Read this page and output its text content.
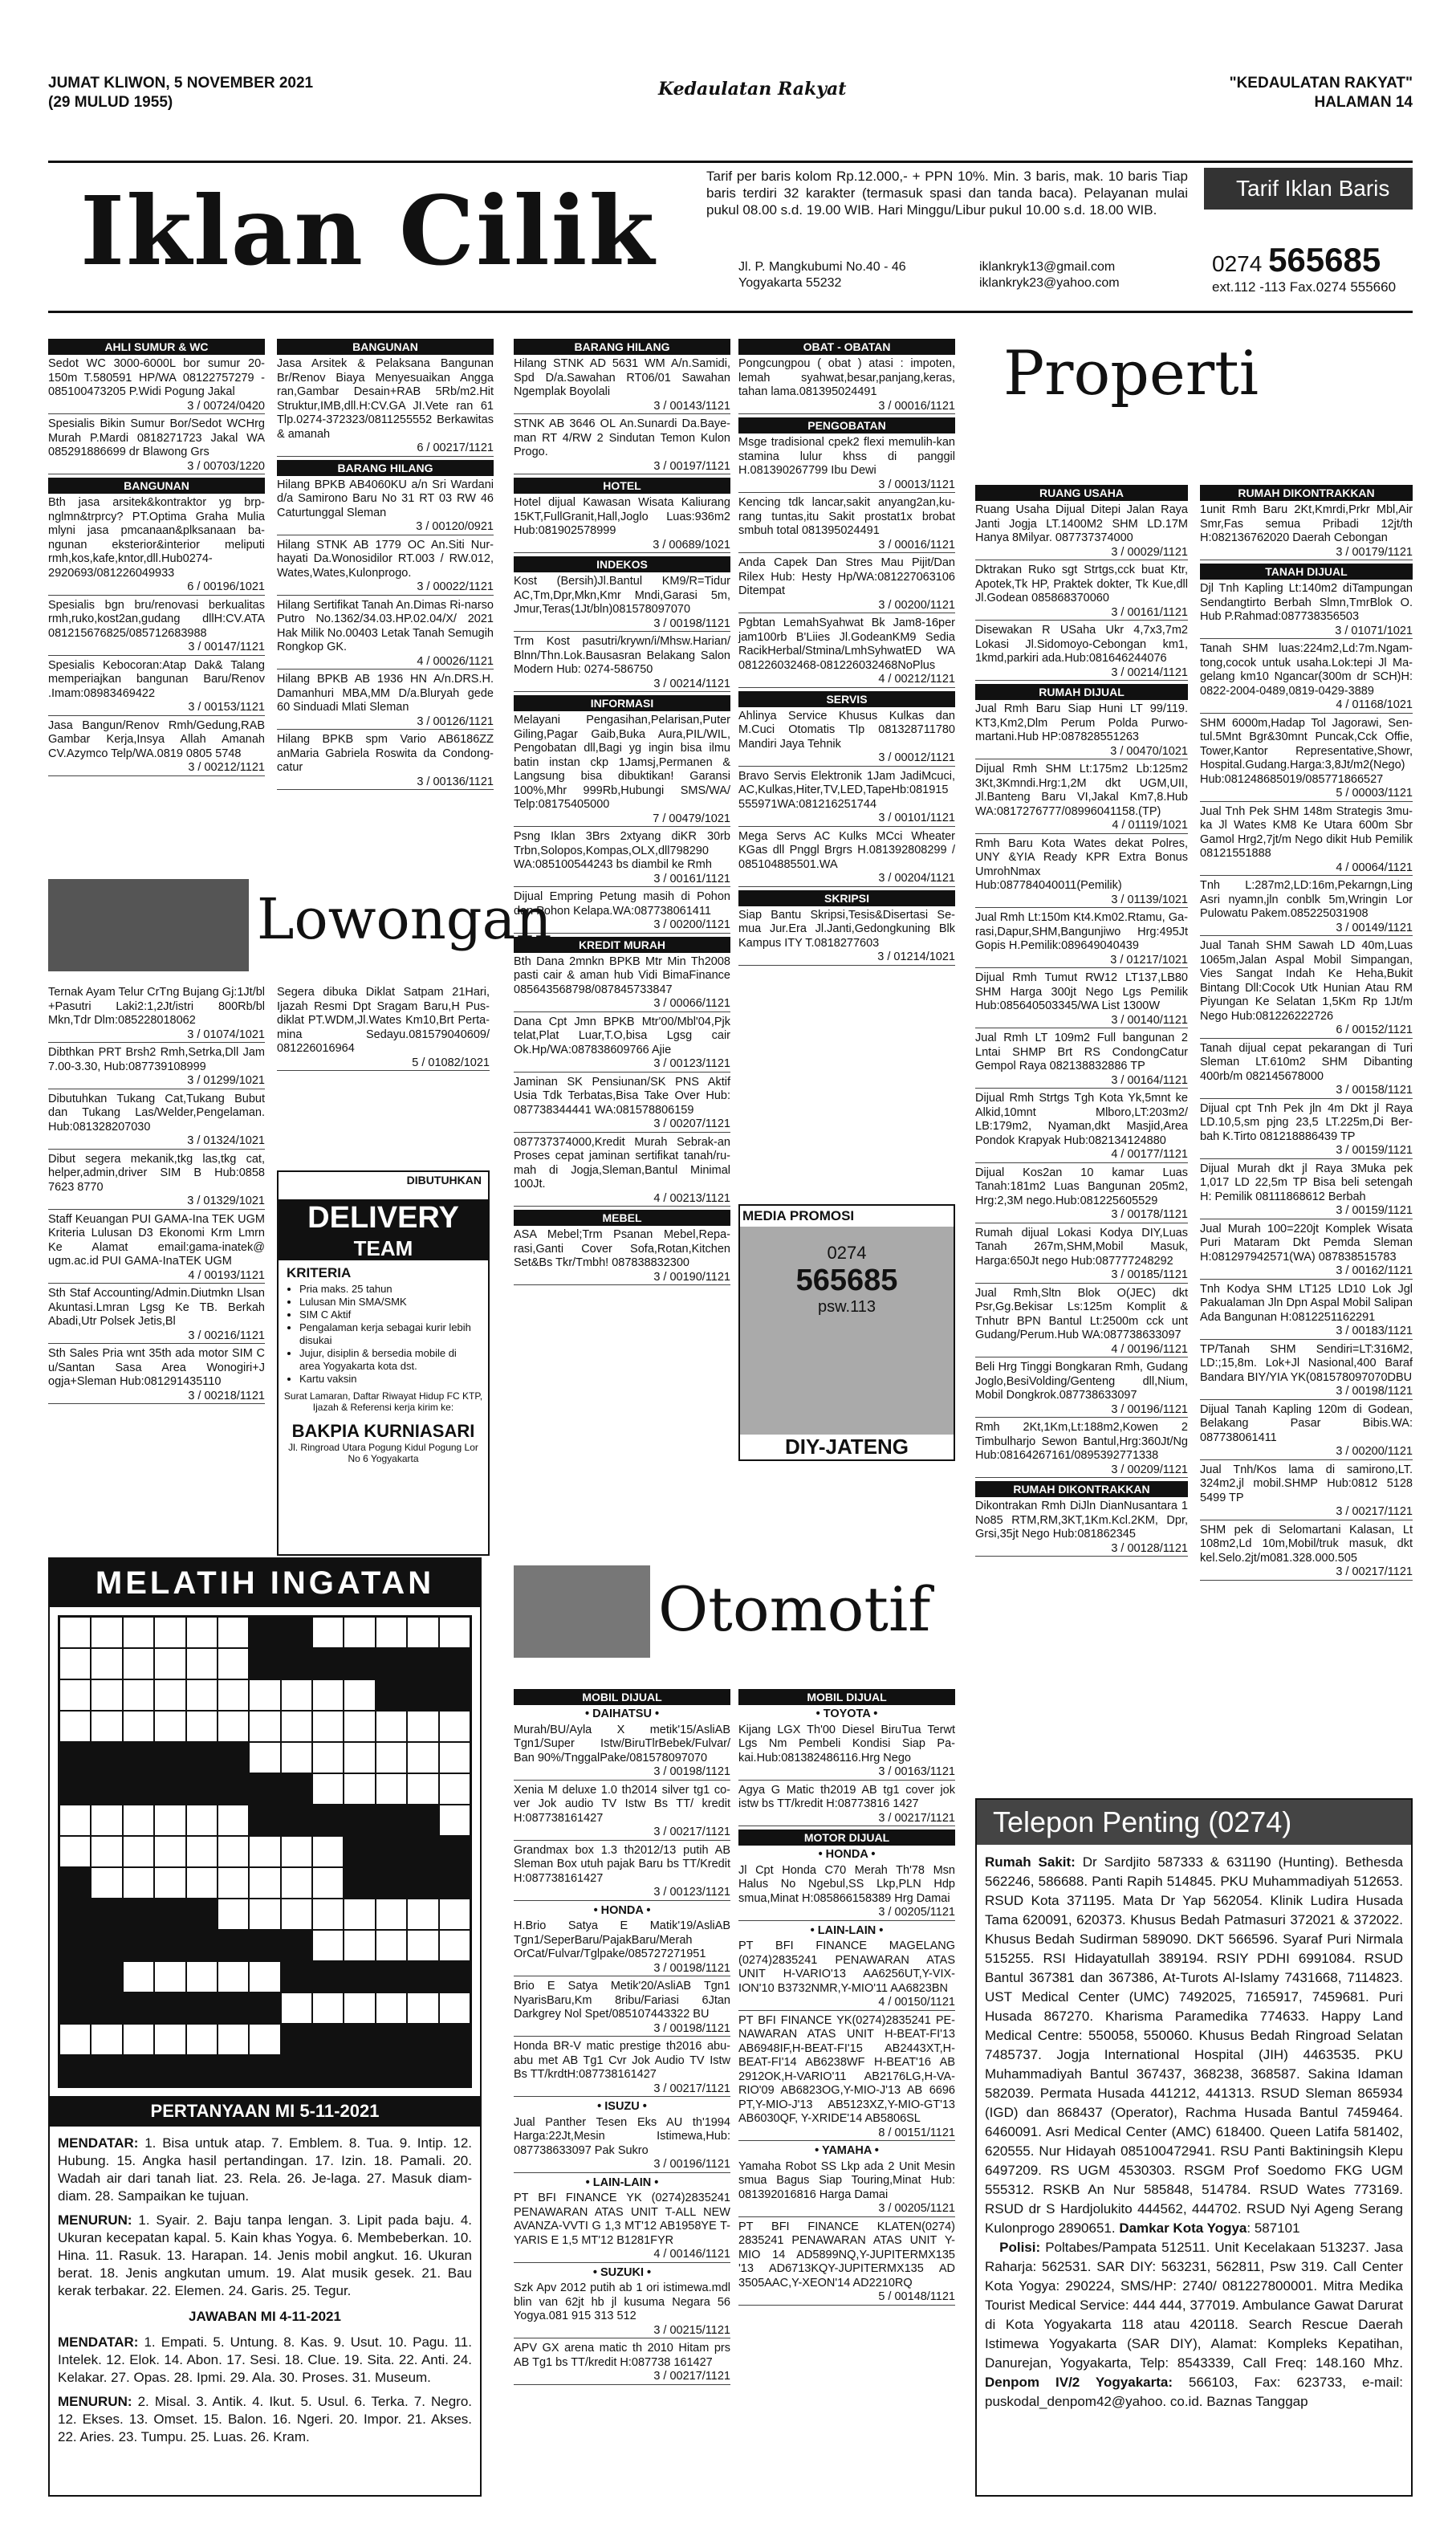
JUMAT KLIWON, 5 NOVEMBER 2021
(29 MULUD 1955)
Kedaulatan Rakyat	"KEDAULATAN RAKYAT"
HALAMAN 14
Iklan Cilik	Tarif per baris kolom Rp.12.000,- + PPN 10%. Min. 3 baris, mak. 10 baris Tiap baris terdiri 32 karakter (termasuk spasi dan tanda baca). Pelayanan mulai pukul 08.00 s.d. 19.00 WIB. Hari Minggu/Libur pukul 10.00 s.d. 18.00 WIB.
Tarif Iklan Baris
Jl. P. Mangkubumi No.40 - 46 Yogyakarta 55232
iklankryk13@gmail.com
iklankryk23@yahoo.com
0274 565685
ext.112 -113 Fax.0274 555660
AHLI SUMUR & WC

Sedot WC 3000-6000L bor sumur 20-150m T.580591 HP/WA 08122757279 - 085100473205 P.Widi Pogung Jakal

3 / 00724/0420

Spesialis Bikin Sumur Bor/Sedot WCHrg Murah P.Mardi 0818271723 Jakal WA 085291886699 dr Blawong Grs

3 / 00703/1220
BANGUNAN

Bth jasa arsitek&kontraktor yg brp-nglmn&trprcy? PT.Optima Graha Mulia mlyni jasa pmcanaan&plksanaan ba-ngunan eksterior&interior meliputi rmh,kos,kafe,kntor,dll.Hub0274-2920693/081226049933

6 / 00196/1021

Spesialis bgn bru/renovasi berkualitas rmh,ruko,kost2an,gudang dllH:CV.ATA 081215676825/085712683988

3 / 00147/1121

Spesialis Kebocoran:Atap Dak& Talang memperiajkan bangunan Baru/Renov .Imam:08983469422

3 / 00153/1121

Jasa Bangun/Renov Rmh/Gedung,RAB Gambar Kerja,Insya Allah Amanah CV.Azymco Telp/WA.0819 0805 5748

3 / 00212/1121
BANGUNAN

Jasa Arsitek & Pelaksana Bangunan Br/Renov Biaya Menyesuaikan Angga ran,Gambar Desain+RAB 5Rb/m2.Hit Struktur,IMB,dll.H:CV.GA JI.Vete ran 61 Tlp.0274-372323/0811255552 Berkawitas & amanah

6 / 00217/1121
BARANG HILANG

Hilang BPKB AB4060KU a/n Sri Wardani d/a Samirono Baru No 31 RT 03 RW 46 Caturtunggal Sleman

3 / 00120/0921

Hilang STNK AB 1779 OC An.Siti Nur-hayati Da.Wonosidilor RT.003 / RW.012, Wates,Wates,Kulonprogo.

3 / 00022/1121

Hilang Sertifikat Tanah An.Dimas Ri-narso Putro No.1362/34.03.HP.02.04/X/ 2021 Hak Milik No.00403 Letak Tanah Semugih Rongkop GK.

4 / 00026/1121

Hilang BPKB AB 1936 HN A/n.DRS.H. Damanhuri MBA,MM D/a.Bluryah gede 60 Sinduadi Mlati Sleman

3 / 00126/1121

Hilang BPKB spm Vario AB6186ZZ anMaria Gabriela Roswita da Condong-catur

3 / 00136/1121
BARANG HILANG

Hilang STNK AD 5631 WM A/n.Samidi, Spd D/a.Sawahan RT06/01 Sawahan Ngemplak Boyolali

3 / 00143/1121

STNK AB 3646 OL An.Sunardi Da.Baye-man RT 4/RW 2 Sindutan Temon Kulon Progo.

3 / 00197/1121
HOTEL

Hotel dijual Kawasan Wisata Kaliurang 15KT,FullGranit,Hall,Joglo Luas:936m2 Hub:081902578999

3 / 00689/1021
INDEKOS

Kost (Bersih)Jl.Bantul KM9/R=Tidur AC,Tm,Dpr,Mkn,Kmr Mndi,Garasi 5m, Jmur,Teras(1Jt/bln)081578097070

3 / 00198/1121

Trm Kost pasutri/krywn/i/Mhsw.Harian/ Blnn/Thn.Lok.Bausasran Belakang Salon Modern Hub: 0274-586750

3 / 00214/1121
INFORMASI

Melayani Pengasihan,Pelarisan,Puter Giling,Pagar Gaib,Buka Aura,PIL/WIL, Pengobatan dll,Bagi yg ingin bisa ilmu batin instan ckp 1Jamsj,Permanen & Langsung bisa dibuktikan! Garansi 100%,Mhr 999Rb,Hubungi SMS/WA/ Telp:08175405000

7 / 00479/1021

Psng Iklan 3Brs 2xtyang diKR 30rb Trbn,Solopos,Kompas,OLX,dll798290 WA:085100544243 bs diambil ke Rmh

3 / 00161/1121

Dijual Empring Petung masih di Pohon dan Pohon Kelapa.WA:087738061411

3 / 00200/1121
KREDIT MURAH

Bth Dana 2mnkn BPKB Mtr Min Th2008 pasti cair & aman hub Vidi BimaFinance 085643568798/087845733847

3 / 00066/1121

Dana Cpt Jmn BPKB Mtr'00/Mbl'04,Pjk telat,Plat Luar,T.O,bisa Lgsg cair Ok.Hp/WA:087838609766 Ajie

3 / 00123/1121

Jaminan SK Pensiunan/SK PNS Aktif Usia Tdk Terbatas,Bisa Take Over Hub: 087738344441 WA:081578806159

3 / 00207/1121

087737374000,Kredit Murah Sebrak-an Proses cepat jaminan sertifikat tanah/ru-mah di Jogja,Sleman,Bantul Minimal 100Jt.

4 / 00213/1121
MEBEL

ASA Mebel;Trm Psanan Mebel,Repa-rasi,Ganti Cover Sofa,Rotan,Kitchen Set&Bs Tkr/Tmbh! 087838832300

3 / 00190/1121
OBAT - OBATAN

Pongcungpou ( obat ) atasi : impoten, lemah syahwat,besar,panjang,keras, tahan lama.081395024491

3 / 00016/1121
PENGOBATAN

Msge tradisional cpek2 flexi memulih-kan stamina lulur khss di panggil H.081390267799 Ibu Dewi

3 / 00013/1121

Kencing tdk lancar,sakit anyang2an,ku-rang tuntas,itu Sakit prostat1x brobat smbuh total 081395024491

3 / 00016/1121

Anda Capek Dan Stres Mau Pijit/Dan Rilex Hub: Hesty Hp/WA:081227063106 Ditempat

3 / 00200/1121

Pgbtan LemahSyahwat Bk Jam8-16per jam100rb B'Liies Jl.GodeanKM9 Sedia RacikHerbal/Stmina/LmhSyhwatED WA 081226032468-081226032468NoPlus

4 / 00212/1121
SERVIS

Ahlinya Service Khusus Kulkas dan M.Cuci Otomatis Tlp 081328711780 Mandiri Jaya Tehnik

3 / 00012/1121

Bravo Servis Elektronik 1Jam JadiMcuci, AC,Kulkas,Hiter,TV,LED,TapeHb:081915 555971WA:081216251744

3 / 00101/1121

Mega Servs AC Kulks MCci Wheater KGas dll Pnggl Brgrs H.081392808299 / 085104885501.WA

3 / 00204/1121
SKRIPSI

Siap Bantu Skripsi,Tesis&Disertasi Se-mua Jur.Era Jl.Janti,Gedongkuning Blk Kampus ITY T.0818277603

3 / 01214/1021
Properti
RUANG USAHA

Ruang Usaha Dijual Ditepi Jalan Raya Janti Jogja LT.1400M2 SHM LD.17M Hanya 8Milyar. 087737374000

3 / 00029/1121

Dktrakan Ruko sgt Strtgs,cck buat Ktr, Apotek,Tk HP, Praktek dokter, Tk Kue,dll Jl.Godean 085868370060

3 / 00161/1121

Disewakan R USaha Ukr 4,7x3,7m2 Lokasi Jl.Sidomoyo-Cebongan km1, 1kmd,parkiri ada.Hub:081646244076

3 / 00214/1121
RUMAH DIJUAL

Jual Rmh Baru Siap Huni LT 99/119. KT3,Km2,Dlm Perum Polda Purwo-martani.Hub HP:087828551263

3 / 00470/1021

Dijual Rmh SHM Lt:175m2 Lb:125m2 3Kt,3Kmndi.Hrg:1,2M dkt UGM,UII, Jl.Banteng Baru VI,Jakal Km7,8.Hub WA:0817276777/08996041158.(TP)

4 / 01119/1021

Rmh Baru Kota Wates dekat Polres, UNY &YIA Ready KPR Extra Bonus UmrohNmax Hub:087784040011(Pemilik)

3 / 01139/1021

Jual Rmh Lt:150m Kt4.Km02.Rtamu, Ga-rasi,Dapur,SHM,Bangunjiwo Hrg:495Jt Gopis H.Pemilik:089649040439

3 / 01217/1021

Dijual Rmh Tumut RW12 LT137,LB80 SHM Harga 300jt Nego Lgs Pemilik Hub:085640503345/WA List 1300W

3 / 00140/1121

Jual Rmh LT 109m2 Full bangunan 2 Lntai SHMP Brt RS CondongCatur Gempol Raya 082138832886 TP

3 / 00164/1121

Dijual Rmh Strtgs Tgh Kota Yk,5mnt ke Alkid,10mnt Mlboro,LT:203m2/ LB:179m2, Nyaman,dkt Masjid,Area Pondok Krapyak Hub:082134124880

4 / 00177/1121

Dijual Kos2an 10 kamar Luas Tanah:181m2 Luas Bangunan 205m2, Hrg:2,3M nego.Hub:081225605529

3 / 00178/1121

Rumah dijual Lokasi Kodya DIY,Luas Tanah 267m,SHM,Mobil Masuk, Harga:650Jt nego Hub:087777248292

3 / 00185/1121

Jual Rmh,Sltn Blok O(JEC) dkt Psr,Gg.Bekisar Ls:125m Komplit & Tnhutr BPN Bantul Lt:2500m cck unt Gudang/Perum.Hub WA:087738633097

4 / 00196/1121

Beli Hrg Tinggi Bongkaran Rmh, Gudang Joglo,BesiVolding/Genteng dll,Nium, Mobil Dongkrok.087738633097

3 / 00196/1121

Rmh 2Kt,1Km,Lt:188m2,Kowen 2 Timbulharjo Sewon Bantul,Hrg:360Jt/Ng Hub:08164267161/0895392771338

3 / 00209/1121
RUMAH DIKONTRAKKAN

Dikontrakan Rmh DiJln DianNusantara 1 No85 RTM,RM,3KT,1Km.Kcl.2KM, Dpr, Grsi,35jt Nego Hub:081862345

3 / 00128/1121
RUMAH DIKONTRAKKAN

1unit Rmh Baru 2Kt,Kmrdi,Prkr Mbl,Air Smr,Fas semua Pribadi 12jt/th H:082136762020 Daerah Cebongan

3 / 00179/1121
TANAH DIJUAL

Djl Tnh Kapling Lt:140m2 diTampungan Sendangtirto Berbah Slmn,TmrBlok O. Hub P.Rahmad:087738356503

3 / 01071/1021

Tanah SHM luas:224m2,Ld:7m.Ngam-tong,cocok untuk usaha.Lok:tepi Jl Ma-gelang km10 Ngancar(300m dr SCH)H: 0822-2004-0489,0819-0429-3889

4 / 01168/1021

SHM 6000m,Hadap Tol Jagorawi, Sen-tul.5Mnt Bgr&30mnt Puncak,Cck Offie, Tower,Kantor Representative,Showr, Hospital.Gudang.Harga:3,8Jt/m2(Nego) Hub:081248685019/085771866527

5 / 00003/1121

Jual Tnh Pek SHM 148m Strategis 3mu-ka Jl Wates KM8 Ke Utara 600m Sbr Gamol Hrg2,7jt/m Nego dikit Hub Pemilik 08121551888

4 / 00064/1121

Tnh L:287m2,LD:16m,Pekarngn,Ling Asri nyamn,jln conblk 5m,Wringin Lor Pulowatu Pakem.085225031908

3 / 00149/1121

Jual Tanah SHM Sawah LD 40m,Luas 1065m,Jalan Aspal Mobil Simpangan, Vies Sangat Indah Ke Heha,Bukit Bintang Dll:Cocok Utk Hunian Atau RM Piyungan Ke Selatan 1,5Km Rp 1Jt/m Nego Hub:081226222726

6 / 00152/1121

Tanah dijual cepat pekarangan di Turi Sleman LT.610m2 SHM Dibanting 400rb/m 082145678000

3 / 00158/1121

Dijual cpt Tnh Pek jln 4m Dkt jl Raya LD.10,5,sm pjng 23,5 LT.225m,Di Ber-bah K.Tirto 081218886439 TP

3 / 00159/1121

Dijual Murah dkt jl Raya 3Muka pek 1,017 LD 22,5m TP Bisa beli setengah H: Pemilik 08111868612 Berbah

3 / 00159/1121

Jual Murah 100=220jt Komplek Wisata Puri Mataram Dkt Pemda Sleman H:081297942571(WA) 087838515783

3 / 00162/1121

Tnh Kodya SHM LT125 LD10 Lok Jgl Pakualaman Jln Dpn Aspal Mobil Salipan Ada Bangunan H:0812251162291

3 / 00183/1121

TP/Tanah SHM Sendiri=LT:316M2, LD:;15,8m. Lok+Jl Nasional,400 Baraf Bandara BIY/YIA YK(081578097070DBU

3 / 00198/1121

Dijual Tanah Kapling 120m di Godean, Belakang Pasar Bibis.WA: 087738061411

3 / 00200/1121

Jual Tnh/Kos lama di samirono,LT. 324m2,jl mobil.SHMP Hub:0812 5128 5499 TP

3 / 00217/1121

SHM pek di Selomartani Kalasan, Lt 108m2,Ld 10m,Mobil/truk masuk, dkt kel.Selo.2jt/m081.328.000.505

3 / 00217/1121
Lowongan

Ternak Ayam Telur CrTng Bujang Gj:1Jt/bl +Pasutri Laki2:1,2Jt/istri 800Rb/bl Mkn,Tdr Dlm:085228018062

3 / 01074/1021

Dibthkan PRT Brsh2 Rmh,Setrka,Dll Jam 7.00-3.30, Hub:087739108999

3 / 01299/1021

Dibutuhkan Tukang Cat,Tukang Bubut dan Tukang Las/Welder,Pengelaman. Hub:081328207030

3 / 01324/1021

Dibut segera mekanik,tkg las,tkg cat, helper,admin,driver SIM B Hub:0858 7623 8770

3 / 01329/1021

Staff Keuangan PUI GAMA-Ina TEK UGM Kriteria Lulusan D3 Ekonomi Krm Lmrn Ke Alamat email:gama-inatek@ ugm.ac.id PUI GAMA-InaTEK UGM

4 / 00193/1121

Sth Staf Accounting/Admin.Diutmkn Llsan Akuntasi.Lmran Lgsg Ke TB. Berkah Abadi,Utr Polsek Jetis,Bl

3 / 00216/1121

Sth Sales Pria wnt 35th ada motor SIM C u/Santan Sasa Area Wonogiri+J ogja+Sleman Hub:081291435110

3 / 00218/1121

Segera dibuka Diklat Satpam 21Hari, Ijazah Resmi Dpt Sragam Baru,H Pus-diklat PT.WDM,Jl.Wates Km10,Brt Perta-mina Sedayu.081579040609/ 081226016964

5 / 01082/1021
DIBUTUHKAN
DELIVERY
TEAM
KRITERIA
• Pria maks. 25 tahun
• Lulusan Min SMA/SMK
• SIM C Aktif
• Pengalaman kerja sebagai kurir lebih disukai
• Jujur, disiplin & bersedia mobile di area Yogyakarta kota dst.
• Kartu vaksin
Surat Lamaran, Daftar Riwayat Hidup FC KTP, Ijazah & Referensi kerja kirim ke:
BAKPIA KURNIASARI
Jl. Ringroad Utara Pogung Kidul Pogung Lor No 6 Yogyakarta
MEDIA PROMOSI
0274
565685
psw.113
DIY-JATENG
MELATIH INGATAN
PERTANYAAN MI 5-11-2021
MENDATAR: 1. Bisa untuk atap. 7. Emblem. 8. Tua. 9. Intip. 12. Hubung. 15. Angka hasil pertandingan. 17. Izin. 18. Pamali. 20. Wadah air dari tanah liat. 23. Rela. 26. Je-laga. 27. Masuk diam-diam. 28. Sampaikan ke tujuan.
MENURUN: 1. Syair. 2. Baju tanpa lengan. 3. Lipit pada baju. 4. Ukuran kecepatan kapal. 5. Kain khas Yogya. 6. Membeberkan. 10. Hina. 11. Rasuk. 13. Harapan. 14. Jenis mobil angkut. 16. Ukuran berat. 18. Jenis angkutan umum. 19. Alat musik gesek. 21. Bau kerak terbakar. 22. Elemen. 24. Garis. 25. Tegur.
JAWABAN MI 4-11-2021
MENDATAR: 1. Empati. 5. Untung. 8. Kas. 9. Usut. 10. Pagu. 11. Intelek. 12. Elok. 14. Abon. 17. Sesi. 18. Clue. 19. Sita. 22. Anti. 24. Kelakar. 27. Opas. 28. Ipmi. 29. Ala. 30. Proses. 31. Museum.
MENURUN: 2. Misal. 3. Antik. 4. Ikut. 5. Usul. 6. Terka. 7. Negro. 12. Ekses. 13. Omset. 15. Balon. 16. Ngeri. 20. Impor. 21. Akses. 22. Aries. 23. Tumpu. 25. Luas. 26. Kram.
Otomotif
MOBIL DIJUAL
• DAIHATSU •

Murah/BU/Ayla X metik'15/AsliAB Tgn1/Super Istw/BiruTlrBebek/Fulvar/ Ban 90%/TnggalPake/081578097070

3 / 00198/1121

Xenia M deluxe 1.0 th2014 silver tg1 co-ver Jok audio TV Istw Bs TT/ kredit H:087738161427

3 / 00217/1121

Grandmax box 1.3 th2012/13 putih AB Sleman Box utuh pajak Baru bs TT/Kredit H:087738161427

3 / 00123/1121
• HONDA •

H.Brio Satya E Matik'19/AsliAB Tgn1/SeperBaru/PajakBaru/Merah OrCat/Fulvar/Tglpake/085727271951

3 / 00198/1121

Brio E Satya Metik'20/AsliAB Tgn1 NyarisBaru,Km 8ribu/Fariasi 6Jtan Darkgrey Nol Spet/085107443322 BU

3 / 00198/1121

Honda BR-V matic prestige th2016 abu-abu met AB Tg1 Cvr Jok Audio TV Istw Bs TT/krdtH:087738161427

3 / 00217/1121
• ISUZU •

Jual Panther Tesen Eks AU th'1994 Harga:22Jt,Mesin Istimewa,Hub: 087738633097 Pak Sukro

3 / 00196/1121
• LAIN-LAIN •

PT BFI FINANCE YK (0274)2835241 PENAWARAN ATAS UNIT T-ALL NEW AVANZA-VVTI G 1,3 MT'12 AB1958YE T-YARIS E 1,5 MT'12 B1281FYR

4 / 00146/1121
• SUZUKI •

Szk Apv 2012 putih ab 1 ori istimewa.mdl blin van 62jt hb jl kusuma Negara 56 Yogya.081 915 313 512

3 / 00215/1121

APV GX arena matic th 2010 Hitam prs AB Tg1 bs TT/kredit H:087738 161427

3 / 00217/1121
MOBIL DIJUAL
• TOYOTA •

Kijang LGX Th'00 Diesel BiruTua Terwt Lgs Nm Pembeli Kondisi Siap Pa-kai.Hub:081382486116.Hrg Nego

3 / 00163/1121

Agya G Matic th2019 AB tg1 cover jok istw bs TT/kredit H:08773816 1427

3 / 00217/1121
MOTOR DIJUAL
• HONDA •

Jl Cpt Honda C70 Merah Th'78 Msn Halus No Ngebul,SS Lkp,PLN Hdp smua,Minat H:085866158389 Hrg Damai

3 / 00205/1121
• LAIN-LAIN •

PT BFI FINANCE MAGELANG (0274)2835241 PENAWARAN ATAS UNIT H-VARIO'13 AA6256UT,Y-VIX-ION'10 B3732NMR,Y-MIO'11 AA6823BN

4 / 00150/1121

PT BFI FINANCE YK(0274)2835241 PE-NAWARAN ATAS UNIT H-BEAT-FI'13 AB6948IF,H-BEAT-FI'15 AB2443XT,H-BEAT-FI'14 AB6238WF H-BEAT'16 AB 2912OK,H-VARIO'11 AB2176LG,H-VA-RIO'09 AB6823OG,Y-MIO-J'13 AB 6696 PT,Y-MIO-J'13 AB5123XZ,Y-MIO-GT'13 AB6030QF, Y-XRIDE'14 AB5806SL

8 / 00151/1121
• YAMAHA •

Yamaha Robot SS Lkp ada 2 Unit Mesin smua Bagus Siap Touring,Minat Hub: 081392016816 Harga Damai

3 / 00205/1121

PT BFI FINANCE KLATEN(0274) 2835241 PENAWARAN ATAS UNIT Y-MIO 14 AD5899NQ,Y-JUPITERMX135 '13 AD6713KQY-JUPITERMX135 AD 3505AAC,Y-XEON'14 AD2210RQ

5 / 00148/1121
Telepon Penting (0274)
Rumah Sakit: Dr Sardjito 587333 & 631190 (Hunting). Bethesda 562246, 586688. Panti Rapih 514845. PKU Muhammadiyah 512653. RSUD Kota 371195. Mata Dr Yap 562054. Klinik Ludira Husada Tama 620091, 620373. Khusus Bedah Patmasuri 372021 & 372022. Khusus Bedah Sudirman 589090. DKT 566596. Syaraf Puri Nirmala 515255. RSI Hidayatullah 389194. RSIY PDHI 6991084. RSUD Bantul 367381 dan 367386, At-Turots Al-Islamy 7431668, 7114823. UST Medical Center (UMC) 7492025, 7165917, 7459681. Puri Husada 867270. Kharisma Paramedika 774633. Happy Land Medical Centre: 550058, 550060. Khusus Bedah Ringroad Selatan 7485737. Jogja International Hospital (JIH) 4463535. PKU Muhammadiyah Bantul 367437, 368238, 368587. Sakina Idaman 582039. Permata Husada 441212, 441313. RSUD Sleman 865934 (IGD) dan 868437 (Operator), Rachma Husada Bantul 7459464. 6460091. Asri Medical Center (AMC) 618400. Queen Latifa 581402, 620555. Nur Hidayah 085100472941. RSU Panti Baktiningsih Klepu 6497209. RS UGM 4530303. RSGM Prof Soedomo FKG UGM 555312. RSKB An Nur 585848, 514784. RSUD Wates 773169. RSUD dr S Hardjolukito 444562, 444702. RSUD Nyi Ageng Serang Kulonprogo 2890651. Damkar Kota Yogya: 587101
Polisi: Poltabes/Pampata 512511. Unit Kecelakaan 513237. Jasa Raharja: 562531. SAR DIY: 563231, 562811, Psw 319. Call Center Kota Yogya: 290224, SMS/HP: 2740/ 081227800001. Mitra Medika Tourist Medical Service: 444 444, 377019. Ambulance Gawat Darurat di Kota Yogyakarta 118 atau 420118. Search Rescue Daerah Istimewa Yogyakarta (SAR DIY), Alamat: Kompleks Kepatihan, Danurejan, Yogyakarta, Telp: 8543339, Call Freq: 148.160 Mhz. Denpom IV/2 Yogyakarta: 566103, Fax: 623733, e-mail: puskodal_denpom42@yahoo. co.id. Baznas Tanggap
